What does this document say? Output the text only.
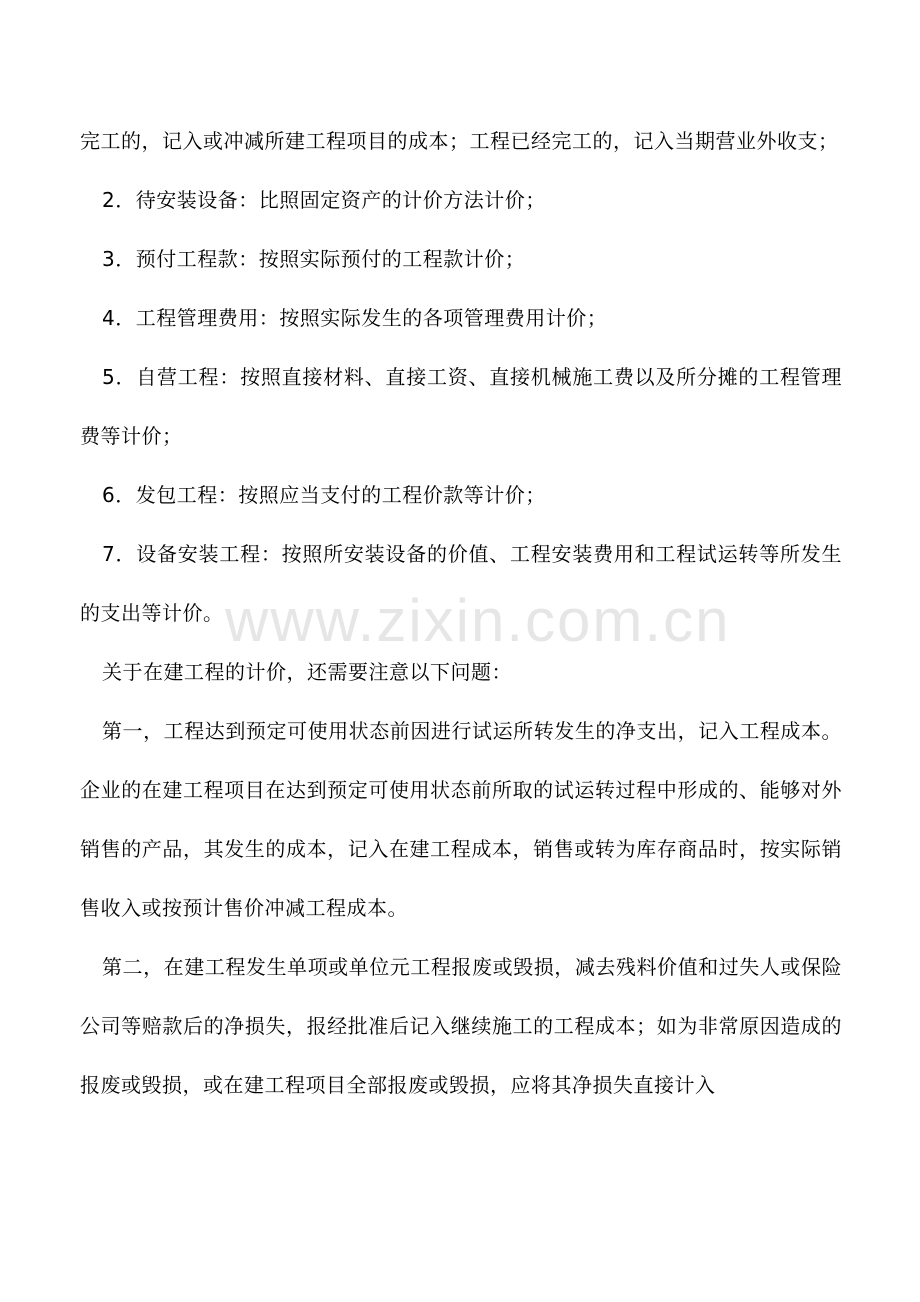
www.zixin.com.cn

完工的，记入或冲减所建工程项目的成本；工程已经完工的，记入当期营业外收支；

2．待安装设备：比照固定资产的计价方法计价；

3．预付工程款：按照实际预付的工程款计价；

4．工程管理费用：按照实际发生的各项管理费用计价；

5．自营工程：按照直接材料、直接工资、直接机械施工费以及所分摊的工程管理费等计价；

6．发包工程：按照应当支付的工程价款等计价；

7．设备安装工程：按照所安装设备的价值、工程安装费用和工程试运转等所发生的支出等计价。

关于在建工程的计价，还需要注意以下问题：

第一，工程达到预定可使用状态前因进行试运所转发生的净支出，记入工程成本。企业的在建工程项目在达到预定可使用状态前所取的试运转过程中形成的、能够对外销售的产品，其发生的成本，记入在建工程成本，销售或转为库存商品时，按实际销售收入或按预计售价冲减工程成本。

第二，在建工程发生单项或单位元工程报废或毁损，减去残料价值和过失人或保险公司等赔款后的净损失，报经批准后记入继续施工的工程成本；如为非常原因造成的报废或毁损，或在建工程项目全部报废或毁损，应将其净损失直接计入
